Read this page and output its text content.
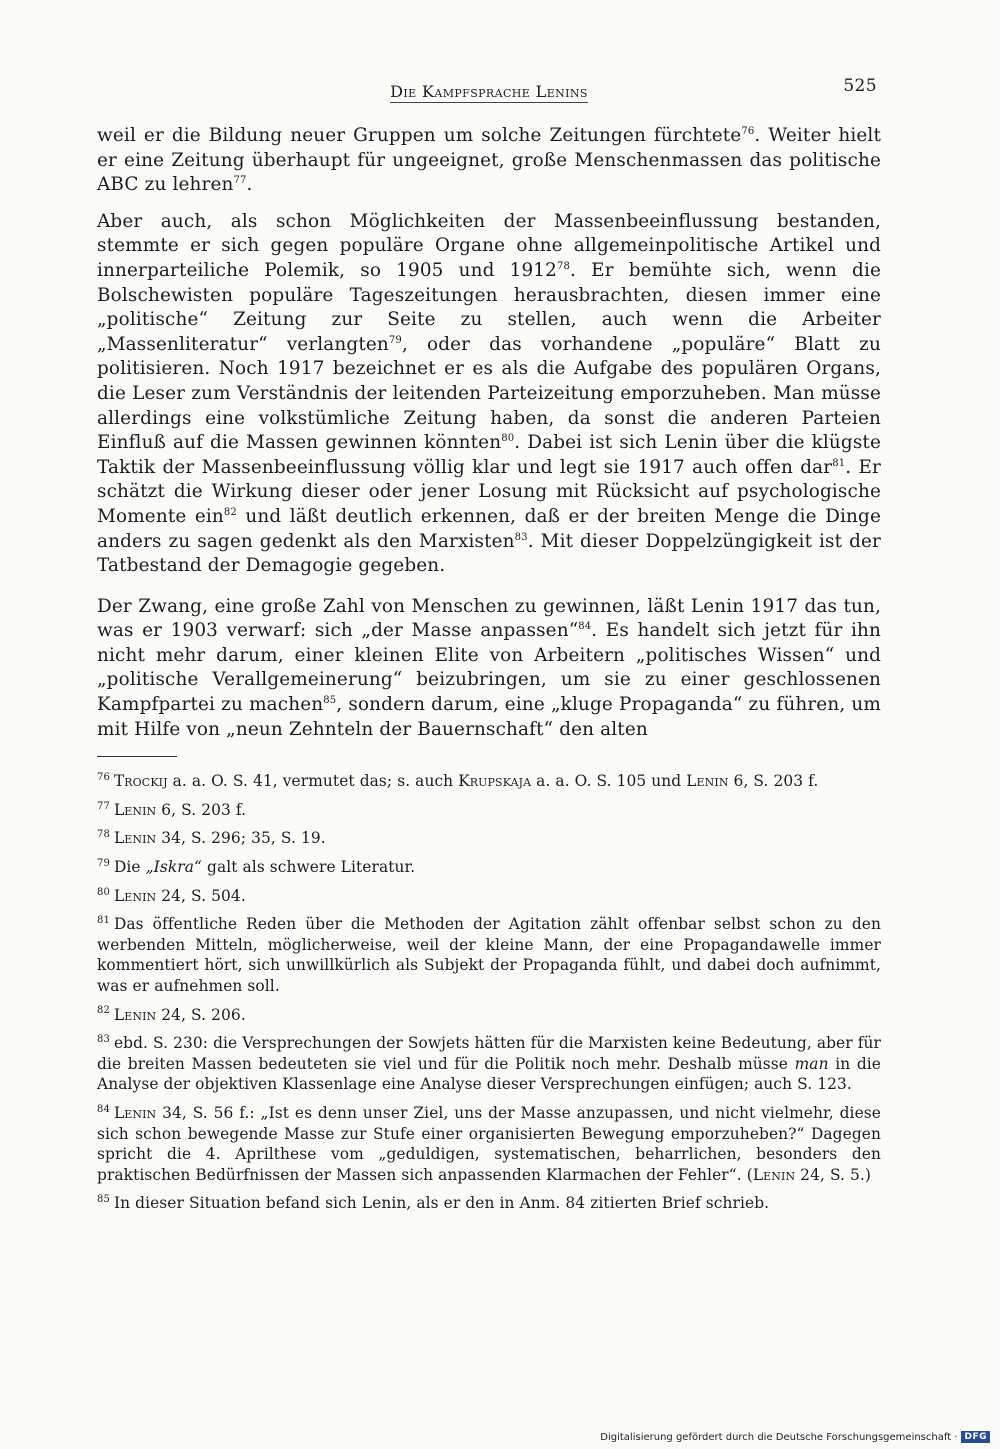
Die Kampfsprache Lenins	525

weil er die Bildung neuer Gruppen um solche Zeitungen fürchtete$^{76}$. Weiter hielt er eine Zeitung überhaupt für ungeeignet, große Menschenmassen das politische ABC zu lehren$^{77}$.

Aber auch, als schon Möglichkeiten der Massenbeeinflussung bestanden, stemmte er sich gegen populäre Organe ohne allgemeinpolitische Artikel und innerparteiliche Polemik, so 1905 und 1912$^{78}$. Er bemühte sich, wenn die Bolschewisten populäre Tageszeitungen herausbrachten, diesen immer eine „politische“ Zeitung zur Seite zu stellen, auch wenn die Arbeiter „Massenliteratur“ verlangten$^{79}$, oder das vorhandene „populäre“ Blatt zu politisieren. Noch 1917 bezeichnet er es als die Aufgabe des populären Organs, die Leser zum Verständnis der leitenden Parteizeitung emporzuheben. Man müsse allerdings eine volkstümliche Zeitung haben, da sonst die anderen Parteien Einfluß auf die Massen gewinnen könnten$^{80}$. Dabei ist sich Lenin über die klügste Taktik der Massenbeeinflussung völlig klar und legt sie 1917 auch offen dar$^{81}$. Er schätzt die Wirkung dieser oder jener Losung mit Rücksicht auf psychologische Momente ein$^{82}$ und läßt deutlich erkennen, daß er der breiten Menge die Dinge anders zu sagen gedenkt als den Marxisten$^{83}$. Mit dieser Doppelzüngigkeit ist der Tatbestand der Demagogie gegeben.

Der Zwang, eine große Zahl von Menschen zu gewinnen, läßt Lenin 1917 das tun, was er 1903 verwarf: sich „der Masse anpassen“$^{84}$. Es handelt sich jetzt für ihn nicht mehr darum, einer kleinen Elite von Arbeitern „politisches Wissen“ und „politische Verallgemeinerung“ beizubringen, um sie zu einer geschlossenen Kampfpartei zu machen$^{85}$, sondern darum, eine „kluge Propaganda“ zu führen, um mit Hilfe von „neun Zehnteln der Bauernschaft“ den alten

$^{76}$ Trockij a. a. O. S. 41, vermutet das; s. auch Krupskaja a. a. O. S. 105 und Lenin 6, S. 203 f.
$^{77}$ Lenin 6, S. 203 f.
$^{78}$ Lenin 34, S. 296; 35, S. 19.
$^{79}$ Die „Iskra“ galt als schwere Literatur.
$^{80}$ Lenin 24, S. 504.
$^{81}$ Das öffentliche Reden über die Methoden der Agitation zählt offenbar selbst schon zu den werbenden Mitteln, möglicherweise, weil der kleine Mann, der eine Propagandawelle immer kommentiert hört, sich unwillkürlich als Subjekt der Propaganda fühlt, und dabei doch aufnimmt, was er aufnehmen soll.
$^{82}$ Lenin 24, S. 206.
$^{83}$ ebd. S. 230: die Versprechungen der Sowjets hätten für die Marxisten keine Bedeutung, aber für die breiten Massen bedeuteten sie viel und für die Politik noch mehr. Deshalb müsse man in die Analyse der objektiven Klassenlage eine Analyse dieser Versprechungen einfügen; auch S. 123.
$^{84}$ Lenin 34, S. 56 f.: „Ist es denn unser Ziel, uns der Masse anzupassen, und nicht vielmehr, diese sich schon bewegende Masse zur Stufe einer organisierten Bewegung emporzuheben?“ Dagegen spricht die 4. Aprilthese vom „geduldigen, systematischen, beharrlichen, besonders den praktischen Bedürfnissen der Massen sich anpassenden Klarmachen der Fehler“. (Lenin 24, S. 5.)
$^{85}$ In dieser Situation befand sich Lenin, als er den in Anm. 84 zitierten Brief schrieb.
Digitalisierung gefördert durch die Deutsche Forschungsgemeinschaft · DFG
